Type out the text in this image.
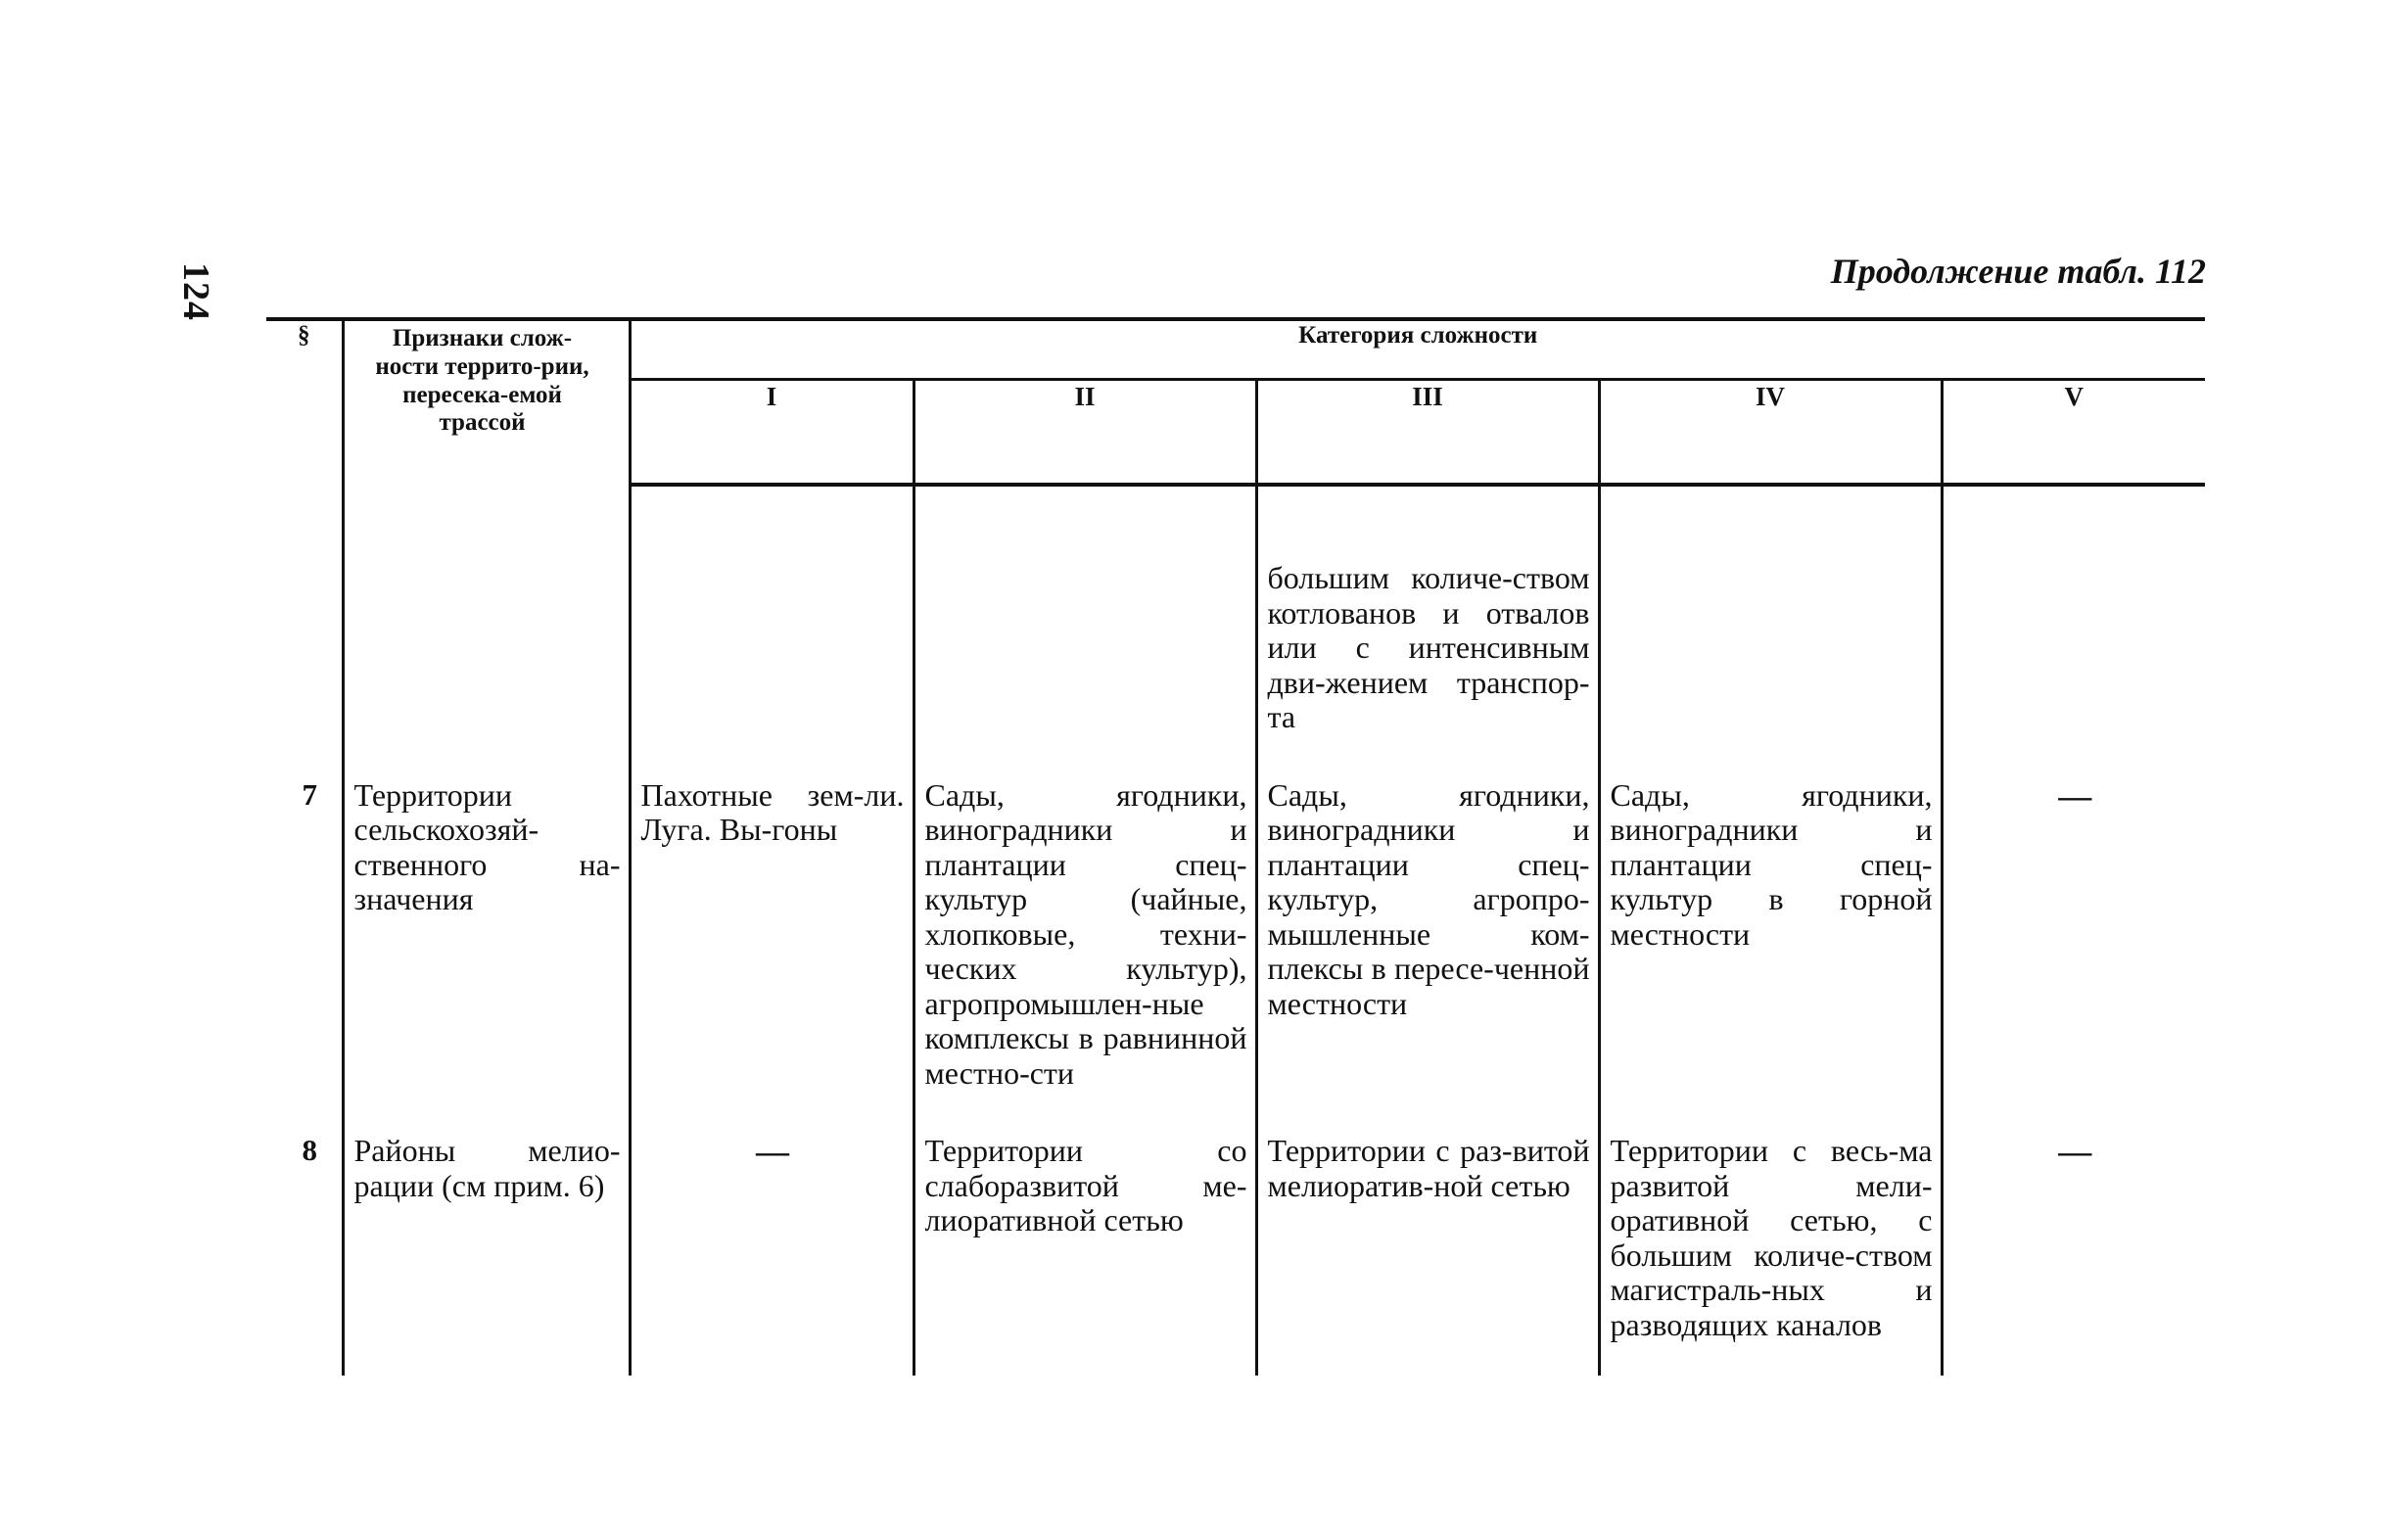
124	Продолжение табл. 112
§	Признаки слож-ности террито-рии, пересека-емой трассой	Категория сложности				
		I	II	III	IV	V

				большим количе-ством котлованов и отвалов или с интенсивным дви-жением транспор-та		
7	Территории сельскохозяй-ственного на-значения	Пахотные зем-ли. Луга. Вы-гоны	Сады, ягодники, виноградники и плантации спец-культур (чайные, хлопковые, техни-ческих культур), агропромышлен-ные комплексы в равнинной местно-сти	Сады, ягодники, виноградники и плантации спец-культур, агропро-мышленные ком-плексы в пересе-ченной местности	Сады, ягодники, виноградники и плантации спец-культур в горной местности	—
8	Районы мелио-рации (см прим. 6)	—	Территории со слаборазвитой ме-лиоративной сетью	Территории с раз-витой мелиоратив-ной сетью	Территории с весь-ма развитой мели-оративной сетью, с большим количе-ством магистраль-ных и разводящих каналов	—
